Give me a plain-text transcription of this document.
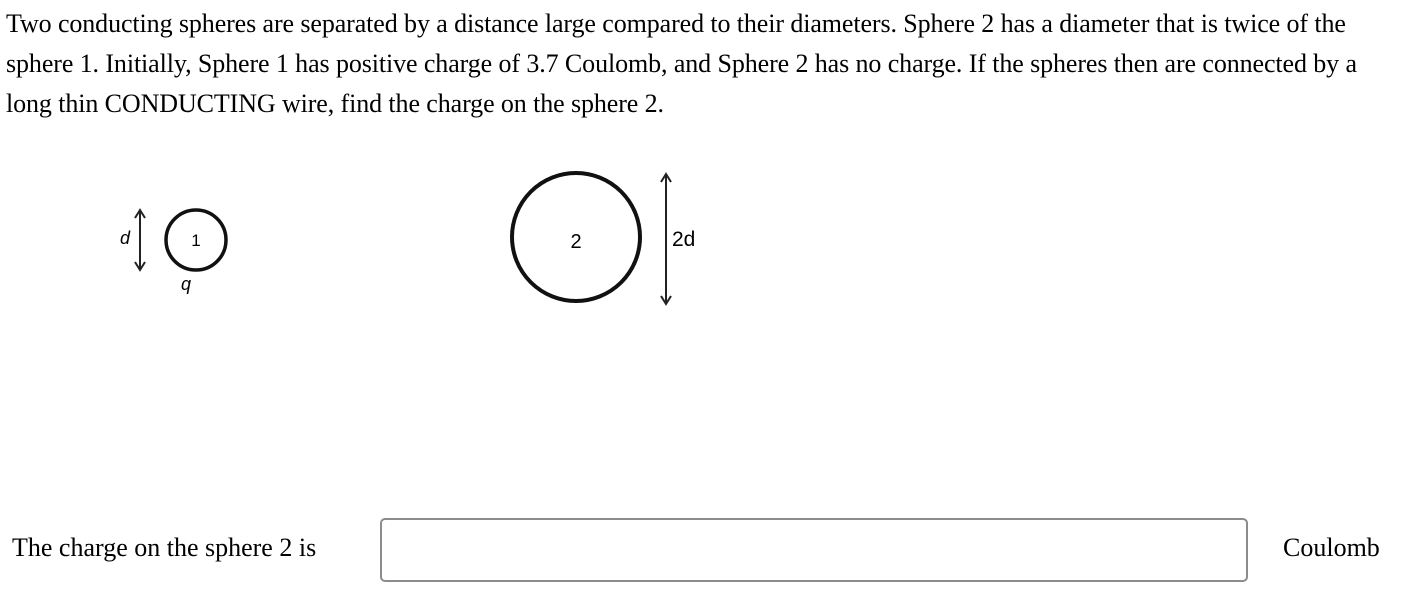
Two conducting spheres are separated by a distance large compared to their diameters. Sphere 2 has a diameter that is twice of the sphere 1. Initially, Sphere 1 has positive charge of 3.7 Coulomb, and Sphere 2 has no charge. If the spheres then are connected by a long thin CONDUCTING wire, find the charge on the sphere 2.

d	1
q
2	2d
The charge on the sphere 2 is	Coulomb
